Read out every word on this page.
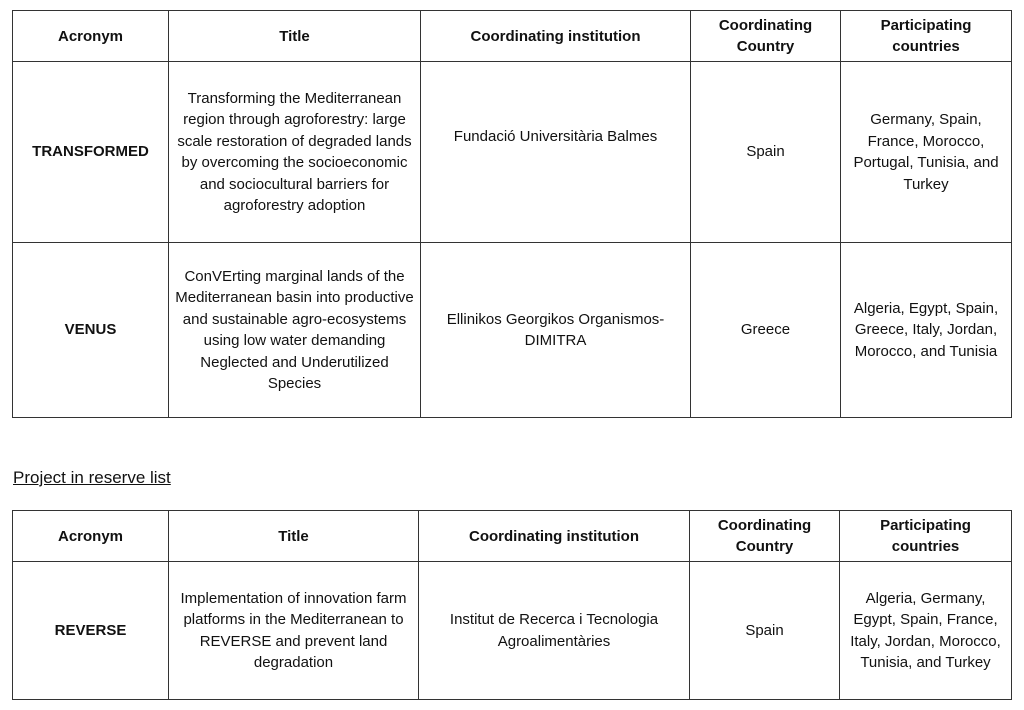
Acronym	Title	Coordinating institution	Coordinating Country	Participating countries
TRANSFORMED	Transforming the Mediterranean region through agroforestry: large scale restoration of degraded lands by overcoming the socioeconomic and sociocultural barriers for agroforestry adoption	Fundació Universitària Balmes	Spain	Germany, Spain, France, Morocco, Portugal, Tunisia, and Turkey
VENUS	ConVErting marginal lands of the Mediterranean basin into productive and sustainable agro-ecosystems using low water demanding Neglected and Underutilized Species	Ellinikos Georgikos Organismos-DIMITRA	Greece	Algeria, Egypt, Spain, Greece, Italy, Jordan, Morocco, and Tunisia

Project in reserve list

Acronym	Title	Coordinating institution	Coordinating Country	Participating countries
REVERSE	Implementation of innovation farm platforms in the Mediterranean to REVERSE and prevent land degradation	Institut de Recerca i Tecnologia Agroalimentàries	Spain	Algeria, Germany, Egypt, Spain, France, Italy, Jordan, Morocco, Tunisia, and Turkey
